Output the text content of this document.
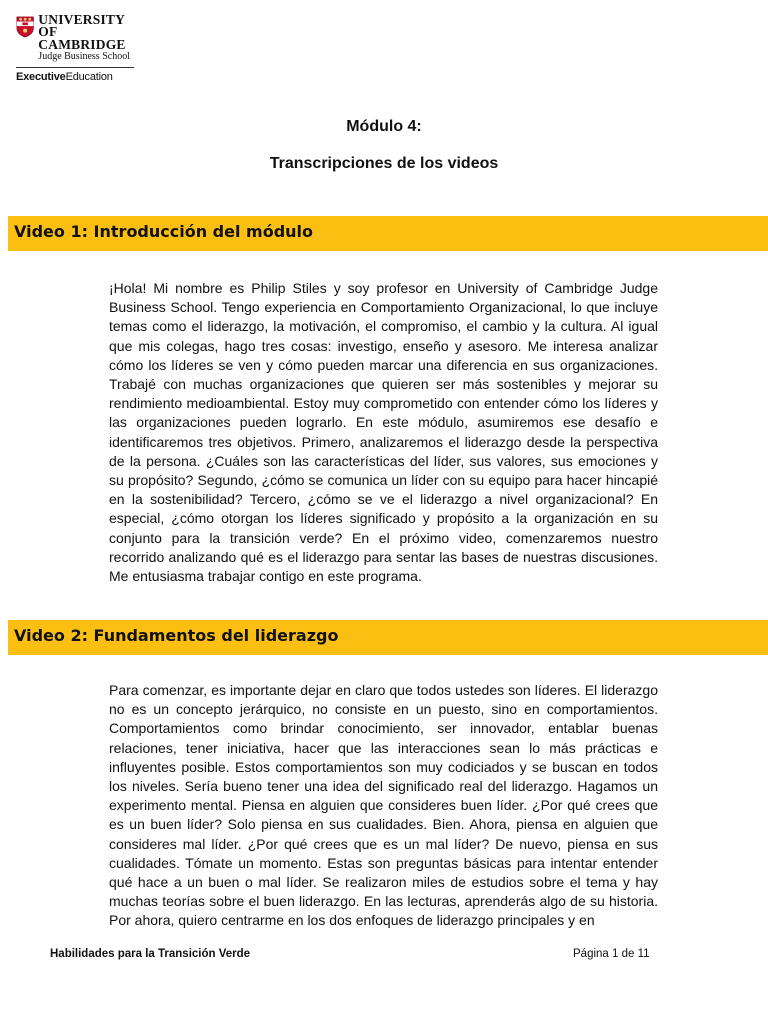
UNIVERSITY OF
CAMBRIDGE
Judge Business School
ExecutiveEducation
Módulo 4:
Transcripciones de los videos
Video 1: Introducción del módulo
¡Hola! Mi nombre es Philip Stiles y soy profesor en University of Cambridge Judge Business School. Tengo experiencia en Comportamiento Organizacional, lo que incluye temas como el liderazgo, la motivación, el compromiso, el cambio y la cultura. Al igual que mis colegas, hago tres cosas: investigo, enseño y asesoro. Me interesa analizar cómo los líderes se ven y cómo pueden marcar una diferencia en sus organizaciones. Trabajé con muchas organizaciones que quieren ser más sostenibles y mejorar su rendimiento medioambiental. Estoy muy comprometido con entender cómo los líderes y las organizaciones pueden lograrlo. En este módulo, asumiremos ese desafío e identificaremos tres objetivos. Primero, analizaremos el liderazgo desde la perspectiva de la persona. ¿Cuáles son las características del líder, sus valores, sus emociones y su propósito? Segundo, ¿cómo se comunica un líder con su equipo para hacer hincapié en la sostenibilidad? Tercero, ¿cómo se ve el liderazgo a nivel organizacional? En especial, ¿cómo otorgan los líderes significado y propósito a la organización en su conjunto para la transición verde? En el próximo video, comenzaremos nuestro recorrido analizando qué es el liderazgo para sentar las bases de nuestras discusiones. Me entusiasma trabajar contigo en este programa.
Video 2: Fundamentos del liderazgo
Para comenzar, es importante dejar en claro que todos ustedes son líderes. El liderazgo no es un concepto jerárquico, no consiste en un puesto, sino en comportamientos. Comportamientos como brindar conocimiento, ser innovador, entablar buenas relaciones, tener iniciativa, hacer que las interacciones sean lo más prácticas e influyentes posible. Estos comportamientos son muy codiciados y se buscan en todos los niveles. Sería bueno tener una idea del significado real del liderazgo. Hagamos un experimento mental. Piensa en alguien que consideres buen líder. ¿Por qué crees que es un buen líder? Solo piensa en sus cualidades. Bien. Ahora, piensa en alguien que consideres mal líder. ¿Por qué crees que es un mal líder? De nuevo, piensa en sus cualidades. Tómate un momento. Estas son preguntas básicas para intentar entender qué hace a un buen o mal líder. Se realizaron miles de estudios sobre el tema y hay muchas teorías sobre el buen liderazgo. En las lecturas, aprenderás algo de su historia. Por ahora, quiero centrarme en los dos enfoques de liderazgo principales y en
Habilidades para la Transición Verde	Página 1 de 11
